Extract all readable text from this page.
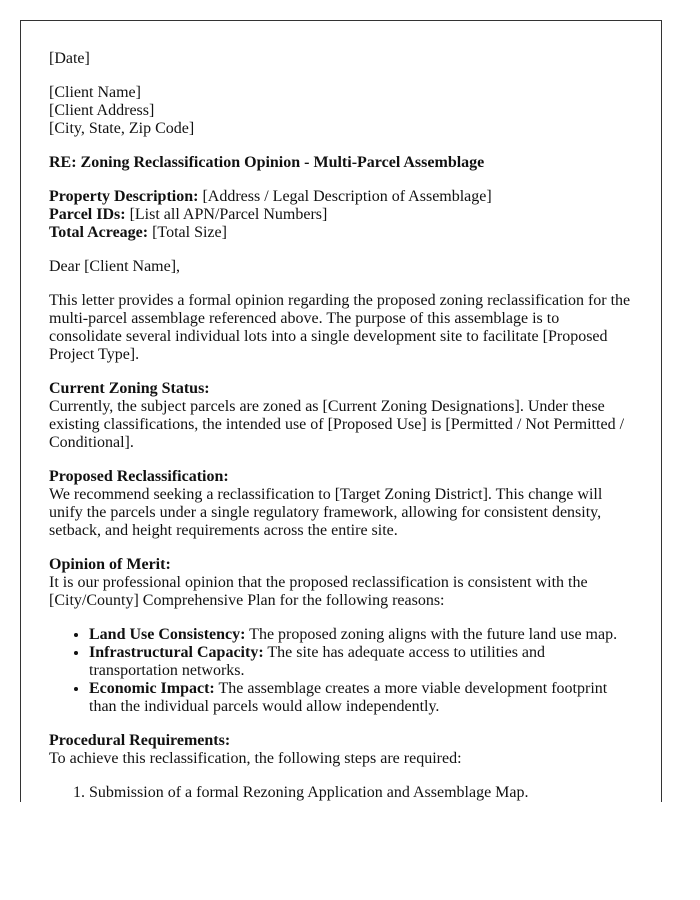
[Date]

[Client Name]
[Client Address]
[City, State, Zip Code]

RE: Zoning Reclassification Opinion - Multi-Parcel Assemblage

Property Description: [Address / Legal Description of Assemblage]
Parcel IDs: [List all APN/Parcel Numbers]
Total Acreage: [Total Size]

Dear [Client Name],

This letter provides a formal opinion regarding the proposed zoning reclassification for the multi-parcel assemblage referenced above. The purpose of this assemblage is to consolidate several individual lots into a single development site to facilitate [Proposed Project Type].

Current Zoning Status:
Currently, the subject parcels are zoned as [Current Zoning Designations]. Under these existing classifications, the intended use of [Proposed Use] is [Permitted / Not Permitted / Conditional].

Proposed Reclassification:
We recommend seeking a reclassification to [Target Zoning District]. This change will unify the parcels under a single regulatory framework, allowing for consistent density, setback, and height requirements across the entire site.

Opinion of Merit:
It is our professional opinion that the proposed reclassification is consistent with the [City/County] Comprehensive Plan for the following reasons:

• Land Use Consistency: The proposed zoning aligns with the future land use map.
• Infrastructural Capacity: The site has adequate access to utilities and transportation networks.
• Economic Impact: The assemblage creates a more viable development footprint than the individual parcels would allow independently.

Procedural Requirements:
To achieve this reclassification, the following steps are required:

1. Submission of a formal Rezoning Application and Assemblage Map.
